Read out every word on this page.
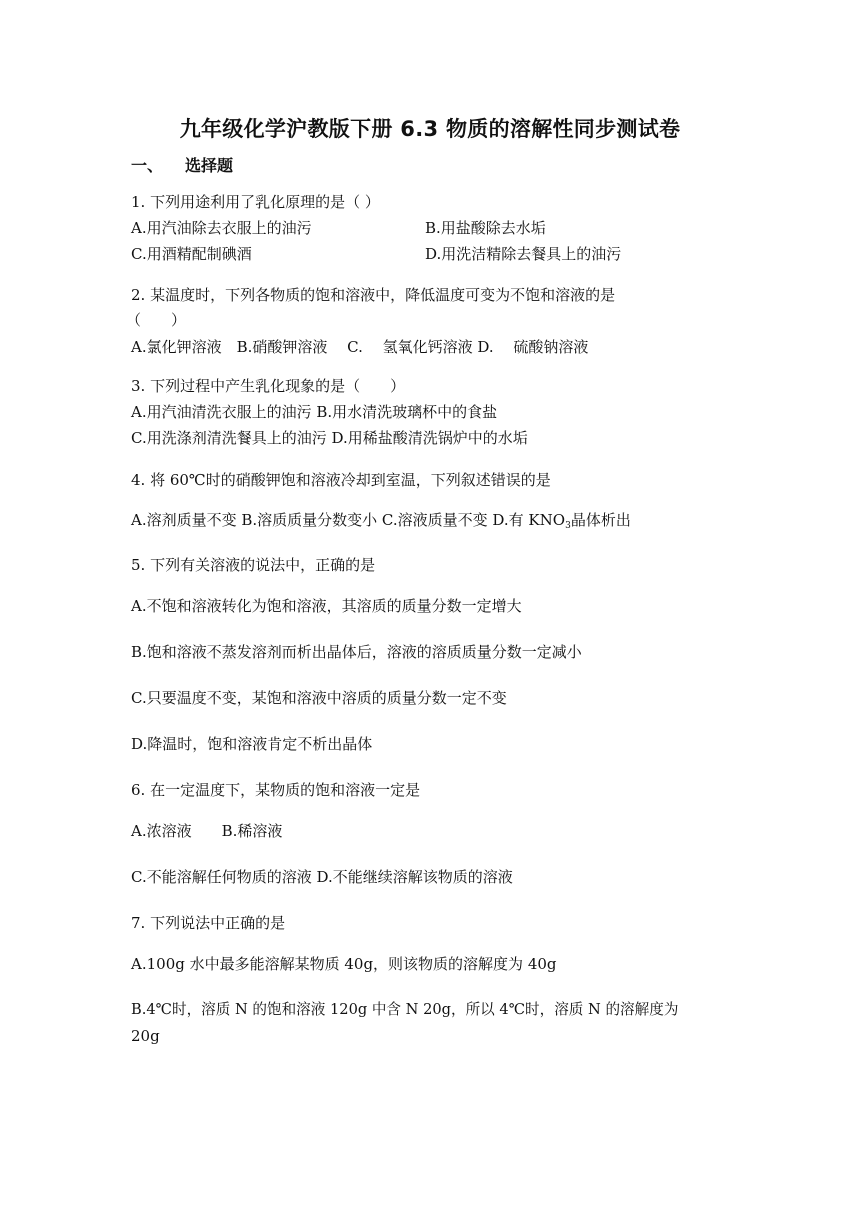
九年级化学沪教版下册 6.3 物质的溶解性同步测试卷
一、 选择题
1. 下列用途利用了乳化原理的是（ ）
A.用汽油除去衣服上的油污	B.用盐酸除去水垢
C.用酒精配制碘酒	D.用洗洁精除去餐具上的油污
2. 某温度时，下列各物质的饱和溶液中，降低温度可变为不饱和溶液的是
（　　）
A.氯化钾溶液　B.硝酸钾溶液　 C.　 氢氧化钙溶液 D.　 硫酸钠溶液
3. 下列过程中产生乳化现象的是（　　）
A.用汽油清洗衣服上的油污 B.用水清洗玻璃杯中的食盐
C.用洗涤剂清洗餐具上的油污 D.用稀盐酸清洗锅炉中的水垢
4. 将 60℃时的硝酸钾饱和溶液冷却到室温，下列叙述错误的是
A.溶剂质量不变 B.溶质质量分数变小 C.溶液质量不变 D.有 $KNO_3$晶体析出
5. 下列有关溶液的说法中，正确的是
A.不饱和溶液转化为饱和溶液，其溶质的质量分数一定增大
B.饱和溶液不蒸发溶剂而析出晶体后，溶液的溶质质量分数一定减小
C.只要温度不变，某饱和溶液中溶质的质量分数一定不变
D.降温时，饱和溶液肯定不析出晶体
6. 在一定温度下，某物质的饱和溶液一定是
A.浓溶液　　B.稀溶液
C.不能溶解任何物质的溶液 D.不能继续溶解该物质的溶液
7. 下列说法中正确的是
A.100g 水中最多能溶解某物质 40g，则该物质的溶解度为 40g
B.4℃时，溶质 N 的饱和溶液 120g 中含 N 20g，所以 4℃时，溶质 N 的溶解度为
20g
